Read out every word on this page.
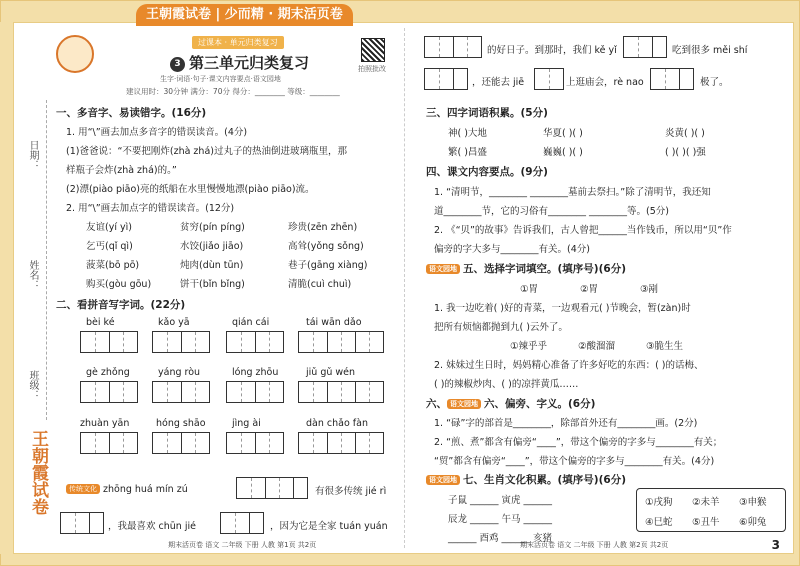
王朝霞试卷 | 少而精 · 期末活页卷
日期：
姓名：
班级：
过课本 · 单元归类复习
3 第三单元归类复习	拍照批改
生字·词语·句子·课文内容要点·语文园地
建议用时：30分钟 满分：70分 得分：________ 等级：________
一、多音字、易读错字。(16分)
1. 用“\”画去加点多音字的错误读音。(4分)
(1)爸爸说：“不要把刚炸(zhà zhá)过丸子的热油倒进玻璃瓶里，那
样瓶子会炸(zhà zhá)的。”
(2)漂(piào piāo)亮的纸船在水里慢慢地漂(piào piāo)流。
2. 用“\”画去加点字的错误读音。(12分)
友谊(yí yì)	贫穷(pín píng)	珍贵(zēn zhēn)
乞丐(qǐ qì)	水饺(jiǎo jiāo)	高耸(yǒng sǒng)
菠菜(bō pō)	炖肉(dùn tūn)	巷子(gāng xiàng)
购买(gòu gōu)	饼干(bǐn bǐng)	清脆(cuì chuì)
二、看拼音写字词。(22分)
bèi ké	kǎo yā	qián cái	tái wān dǎo
gè zhǒng	yáng ròu	lóng zhōu	jiǔ gǔ wén
zhuàn yān	hóng shāo	jìng ài	dàn chǎo fàn
传统文化 zhōng huá mín zú	有很多传统 jié rì
，我最喜欢 chūn jié	，因为它是全家 tuán yuán
期末活页卷 语文 二年级 下册 人教 第1页 共2页
王朝霞试卷
的好日子。到那时，我们 kě yǐ	吃到很多 měi shí
，还能去 jiē	上逛庙会，rè nao	极了。
三、四字词语积累。(5分)
神( )大地	华夏( )( )	炎黄( )( )
繁( )昌盛	巍巍( )( )	( )( )( )强
四、课文内容要点。(9分)
1. “清明节，________ ________墓前去祭扫。”除了清明节，我还知
道________节，它的习俗有________ ________等。(5分)
2. 《“贝”的故事》告诉我们，古人曾把______当作钱币，所以用“贝”作
偏旁的字大多与________有关。(4分)
语文园地 五、选择字词填空。(填序号)(6分)
①胃	②胃	③剐
1. 我一边吃着( )好的青菜，一边观看元( )节晚会，暂(zàn)时
把所有烦恼都抛到九( )云外了。
①辣乎乎	②酸溜溜	③脆生生
2. 妹妹过生日时，妈妈精心准备了许多好吃的东西：( )的话梅、
( )的辣椒炒肉、( )的凉拌黄瓜……
六、 语文园地 六、偏旁、字义。(6分)
1. “碌”字的部首是________，除部首外还有________画。(2分)
2. “煎、煮”都含有偏旁“____”，带这个偏旁的字多与________有关；
“贸”都含有偏旁“____”，带这个偏旁的字多与________有关。(4分)
语文园地 七、生肖文化积累。(填序号)(6分)
子鼠 ______ 寅虎 ______
辰龙 ______ 午马 ______
______ 酉鸡 ______ 亥猪
①戌狗 ②未羊 ③申猴
④巳蛇 ⑤丑牛 ⑥卯兔
期末活页卷 语文 二年级 下册 人教 第2页 共2页	3
